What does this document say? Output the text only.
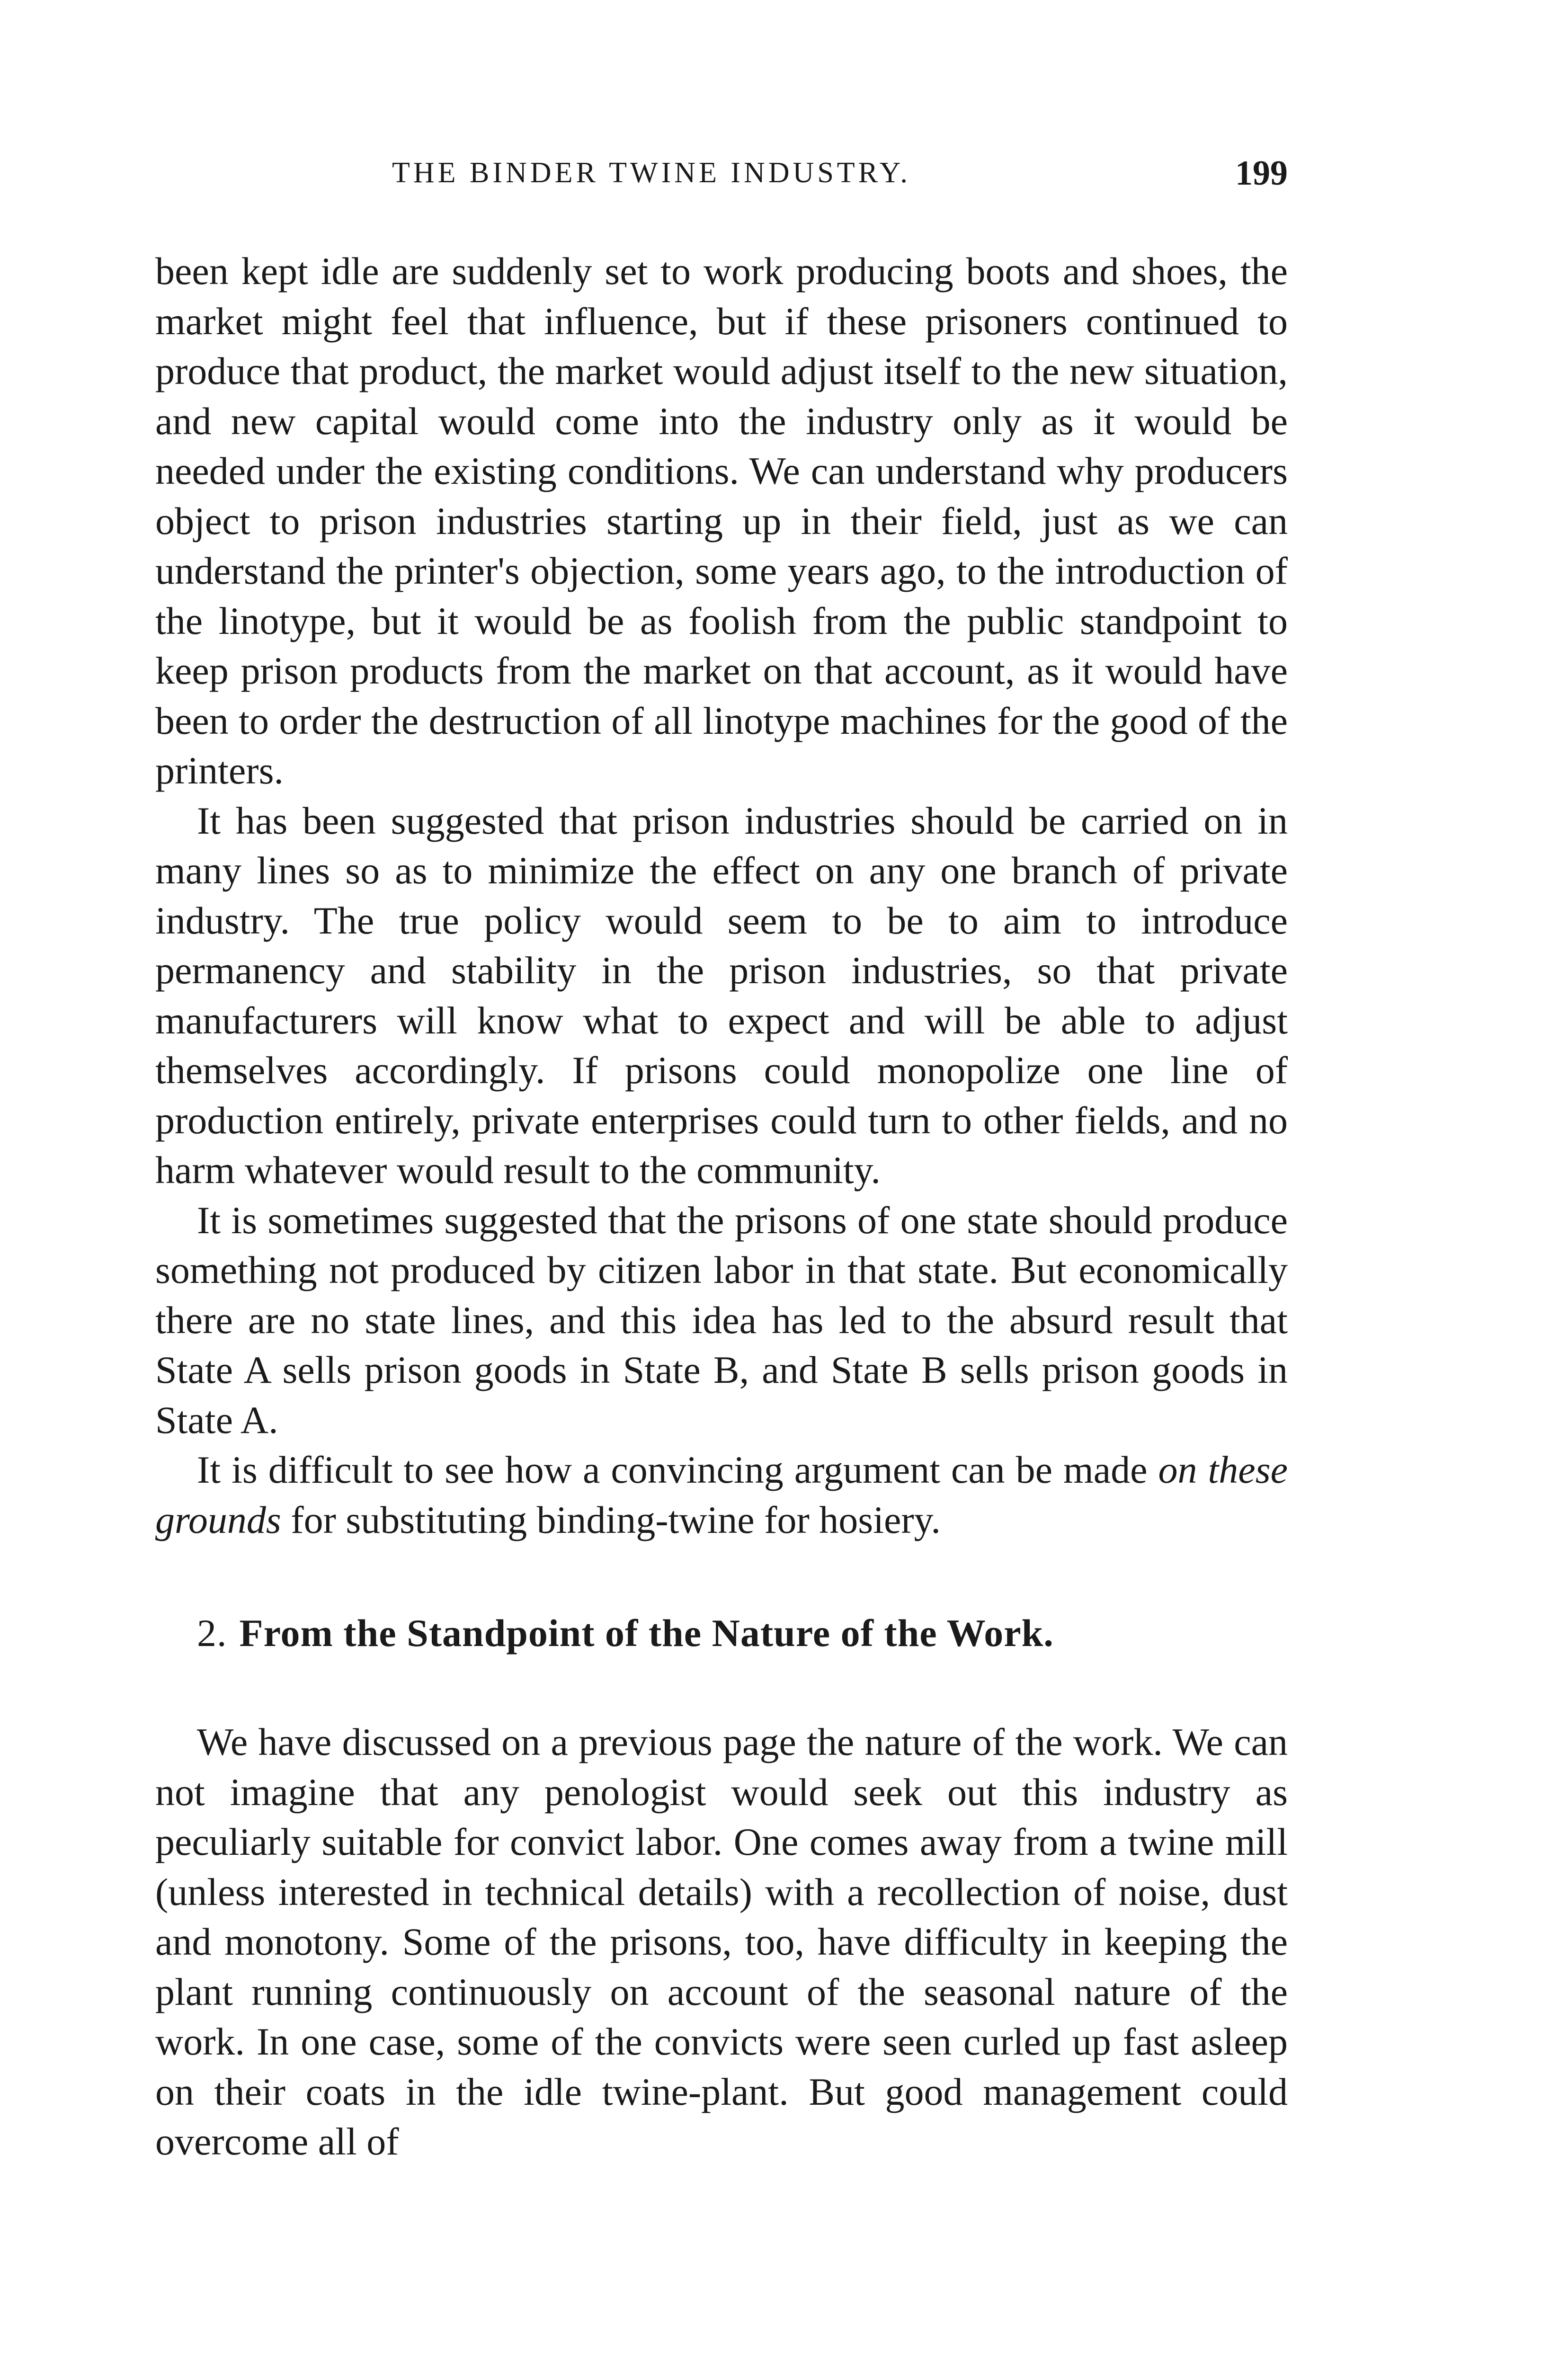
THE BINDER TWINE INDUSTRY.	199

been kept idle are suddenly set to work producing boots and shoes, the market might feel that influence, but if these prisoners continued to produce that product, the market would adjust itself to the new situation, and new capital would come into the industry only as it would be needed under the existing conditions. We can understand why producers object to prison industries starting up in their field, just as we can understand the printer's objection, some years ago, to the introduction of the linotype, but it would be as foolish from the public standpoint to keep prison products from the market on that account, as it would have been to order the destruction of all linotype machines for the good of the printers.

It has been suggested that prison industries should be carried on in many lines so as to minimize the effect on any one branch of private industry. The true policy would seem to be to aim to introduce permanency and stability in the prison industries, so that private manufacturers will know what to expect and will be able to adjust themselves accordingly. If prisons could monopolize one line of production entirely, private enterprises could turn to other fields, and no harm whatever would result to the community.

It is sometimes suggested that the prisons of one state should produce something not produced by citizen labor in that state. But economically there are no state lines, and this idea has led to the absurd result that State A sells prison goods in State B, and State B sells prison goods in State A.

It is difficult to see how a convincing argument can be made on these grounds for substituting binding-twine for hosiery.

2. From the Standpoint of the Nature of the Work.

We have discussed on a previous page the nature of the work. We can not imagine that any penologist would seek out this industry as peculiarly suitable for convict labor. One comes away from a twine mill (unless interested in technical details) with a recollection of noise, dust and monotony. Some of the prisons, too, have difficulty in keeping the plant running continuously on account of the seasonal nature of the work. In one case, some of the convicts were seen curled up fast asleep on their coats in the idle twine-plant. But good management could overcome all of
